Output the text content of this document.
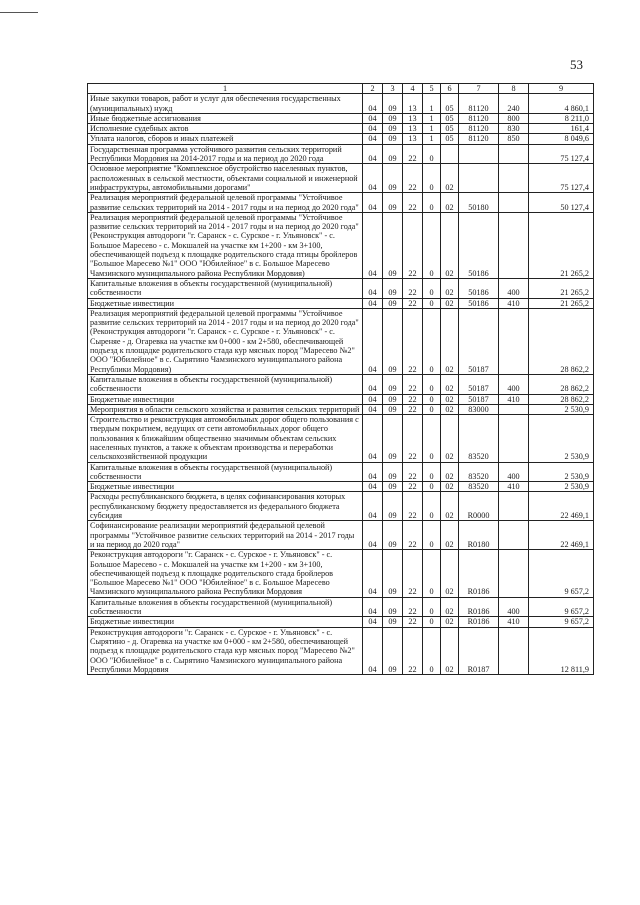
53
1	2	3	4	5	6	7	8	9
Иные закупки товаров, работ и услуг для обеспечения государственных (муниципальных) нужд	04	09	13	1	05	81120	240	4 860,1
Иные бюджетные ассигнования	04	09	13	1	05	81120	800	8 211,0
Исполнение судебных актов	04	09	13	1	05	81120	830	161,4
Уплата налогов, сборов и иных платежей	04	09	13	1	05	81120	850	8 049,6
Государственная программа устойчивого развития сельских территорий Республики Мордовия на 2014-2017 годы и на период до 2020 года	04	09	22	0				75 127,4
Основное мероприятие "Комплексное обустройство населенных пунктов, расположенных в сельской местности, объектами социальной и инженерной инфраструктуры, автомобильными дорогами"	04	09	22	0	02			75 127,4
Реализация мероприятий федеральной целевой программы "Устойчивое развитие сельских территорий на 2014 - 2017 годы и на период до 2020 года"	04	09	22	0	02	50180		50 127,4
Реализация мероприятий федеральной целевой программы "Устойчивое развитие сельских территорий на 2014 - 2017 годы и на период до 2020 года" (Реконструкция автодороги "г. Саранск - с. Сурское - г. Ульяновск" - с. Большое Маресево - с. Мокшалей на участке км 1+200 - км 3+100, обеспечивающей подъезд к площадке родительского стада птицы бройлеров "Большое Маресево №1" ООО "Юбилейное" в с. Большое Маресево Чамзинского муниципального района Республики Мордовия)	04	09	22	0	02	50186		21 265,2
Капитальные вложения в объекты государственной (муниципальной) собственности	04	09	22	0	02	50186	400	21 265,2
Бюджетные инвестиции	04	09	22	0	02	50186	410	21 265,2
Реализация мероприятий федеральной целевой программы "Устойчивое развитие сельских территорий на 2014 - 2017 годы и на период до 2020 года" (Реконструкция автодороги "г. Саранск - с. Сурское - г. Ульяновск" - с. Сыреняе - д. Огаревка на участке км 0+000 - км 2+580, обеспечивающей подъезд к площадке родительского стада кур мясных пород "Маресево №2" ООО "Юбилейное" в с. Сырятино Чамзинского муниципального района Республики Мордовия)	04	09	22	0	02	50187		28 862,2
Капитальные вложения в объекты государственной (муниципальной) собственности	04	09	22	0	02	50187	400	28 862,2
Бюджетные инвестиции	04	09	22	0	02	50187	410	28 862,2
Мероприятия в области сельского хозяйства и развития сельских территорий	04	09	22	0	02	83000		2 530,9
Строительство и реконструкция автомобильных дорог общего пользования с твердым покрытием, ведущих от сети автомобильных дорог общего пользования к ближайшим общественно значимым объектам сельских населенных пунктов, а также к объектам производства и переработки сельскохозяйственной продукции	04	09	22	0	02	83520		2 530,9
Капитальные вложения в объекты государственной (муниципальной) собственности	04	09	22	0	02	83520	400	2 530,9
Бюджетные инвестиции	04	09	22	0	02	83520	410	2 530,9
Расходы республиканского бюджета, в целях софинансирования которых республиканскому бюджету предоставляется из федерального бюджета субсидия	04	09	22	0	02	R0000		22 469,1
Софинансирование реализации мероприятий федеральной целевой программы "Устойчивое развитие сельских территорий на 2014 - 2017 годы и на период до 2020 года"	04	09	22	0	02	R0180		22 469,1
Реконструкция автодороги "г. Саранск - с. Сурское - г. Ульяновск" - с. Большое Маресево - с. Мокшалей на участке км 1+200 - км 3+100, обеспечивающей подъезд к площадке родительского стада бройлеров "Большое Маресево №1" ООО "Юбилейное" в с. Большое Маресево Чамзинского муниципального района Республики Мордовия	04	09	22	0	02	R0186		9 657,2
Капитальные вложения в объекты государственной (муниципальной) собственности	04	09	22	0	02	R0186	400	9 657,2
Бюджетные инвестиции	04	09	22	0	02	R0186	410	9 657,2
Реконструкция автодороги "г. Саранск - с. Сурское - г. Ульяновск" - с. Сырятино - д. Огаревка на участке км 0+000 - км 2+580, обеспечивающей подъезд к площадке родительского стада кур мясных пород "Маресево №2" ООО "Юбилейное" в с. Сырятино Чамзинского муниципального района Республики Мордовия	04	09	22	0	02	R0187		12 811,9
